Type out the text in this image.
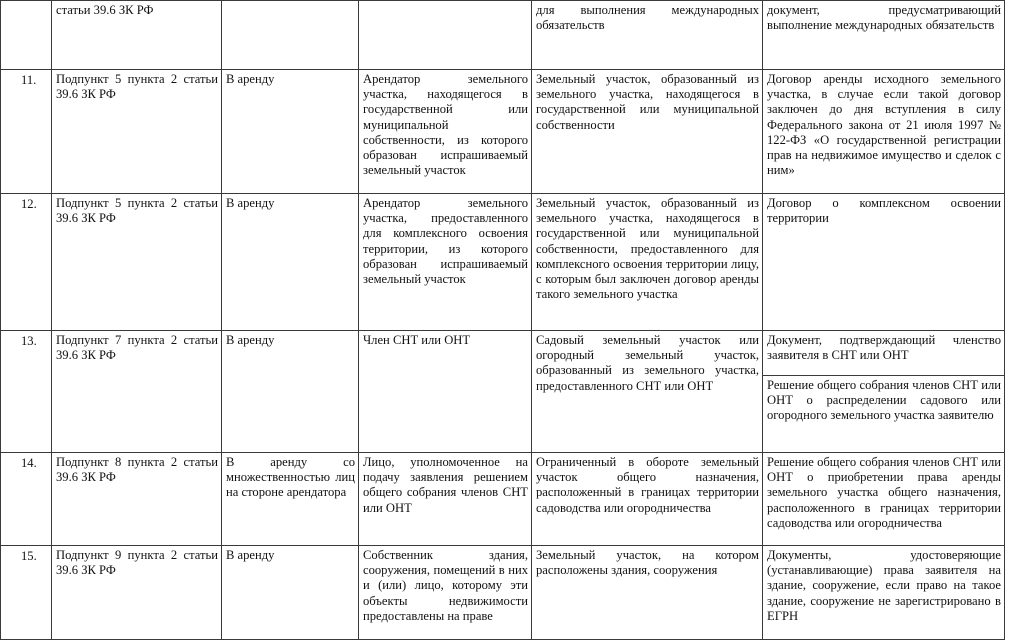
	статьи 39.6 ЗК РФ			для выполнения международных обязательств	документ, предусматривающий выполнение международных обязательств

11.	Подпункт 5 пункта 2 статьи 39.6 ЗК РФ	В аренду	Арендатор земельного участка, находящегося в государственной или муниципальной собственности, из которого образован испрашиваемый земельный участок	Земельный участок, образованный из земельного участка, находящегося в государственной или муниципальной собственности	Договор аренды исходного земельного участка, в случае если такой договор заключен до дня вступления в силу Федерального закона от 21 июля 1997 № 122-ФЗ «О государственной регистрации прав на недвижимое имущество и сделок с ним»

12.	Подпункт 5 пункта 2 статьи 39.6 ЗК РФ	В аренду	Арендатор земельного участка, предоставленного для комплексного освоения территории, из которого образован испрашиваемый земельный участок	Земельный участок, образованный из земельного участка, находящегося в государственной или муниципальной собственности, предоставленного для комплексного освоения территории лицу, с которым был заключен договор аренды такого земельного участка	Договор о комплексном освоении территории

13.	Подпункт 7 пункта 2 статьи 39.6 ЗК РФ	В аренду	Член СНТ или ОНТ	Садовый земельный участок или огородный земельный участок, образованный из земельного участка, предоставленного СНТ или ОНТ	Документ, подтверждающий членство заявителя в СНТ или ОНТ
Решение общего собрания членов СНТ или ОНТ о распределении садового или огородного земельного участка заявителю

14.	Подпункт 8 пункта 2 статьи 39.6 ЗК РФ	В аренду со множественностью лиц на стороне арендатора	Лицо, уполномоченное на подачу заявления решением общего собрания членов СНТ или ОНТ	Ограниченный в обороте земельный участок общего назначения, расположенный в границах территории садоводства или огородничества	Решение общего собрания членов СНТ или ОНТ о приобретении права аренды земельного участка общего назначения, расположенного в границах территории садоводства или огородничества

15.	Подпункт 9 пункта 2 статьи 39.6 ЗК РФ	В аренду	Собственник здания, сооружения, помещений в них и (или) лицо, которому эти объекты недвижимости предоставлены на праве	Земельный участок, на котором расположены здания, сооружения	Документы, удостоверяющие (устанавливающие) права заявителя на здание, сооружение, если право на такое здание, сооружение не зарегистрировано в ЕГРН
